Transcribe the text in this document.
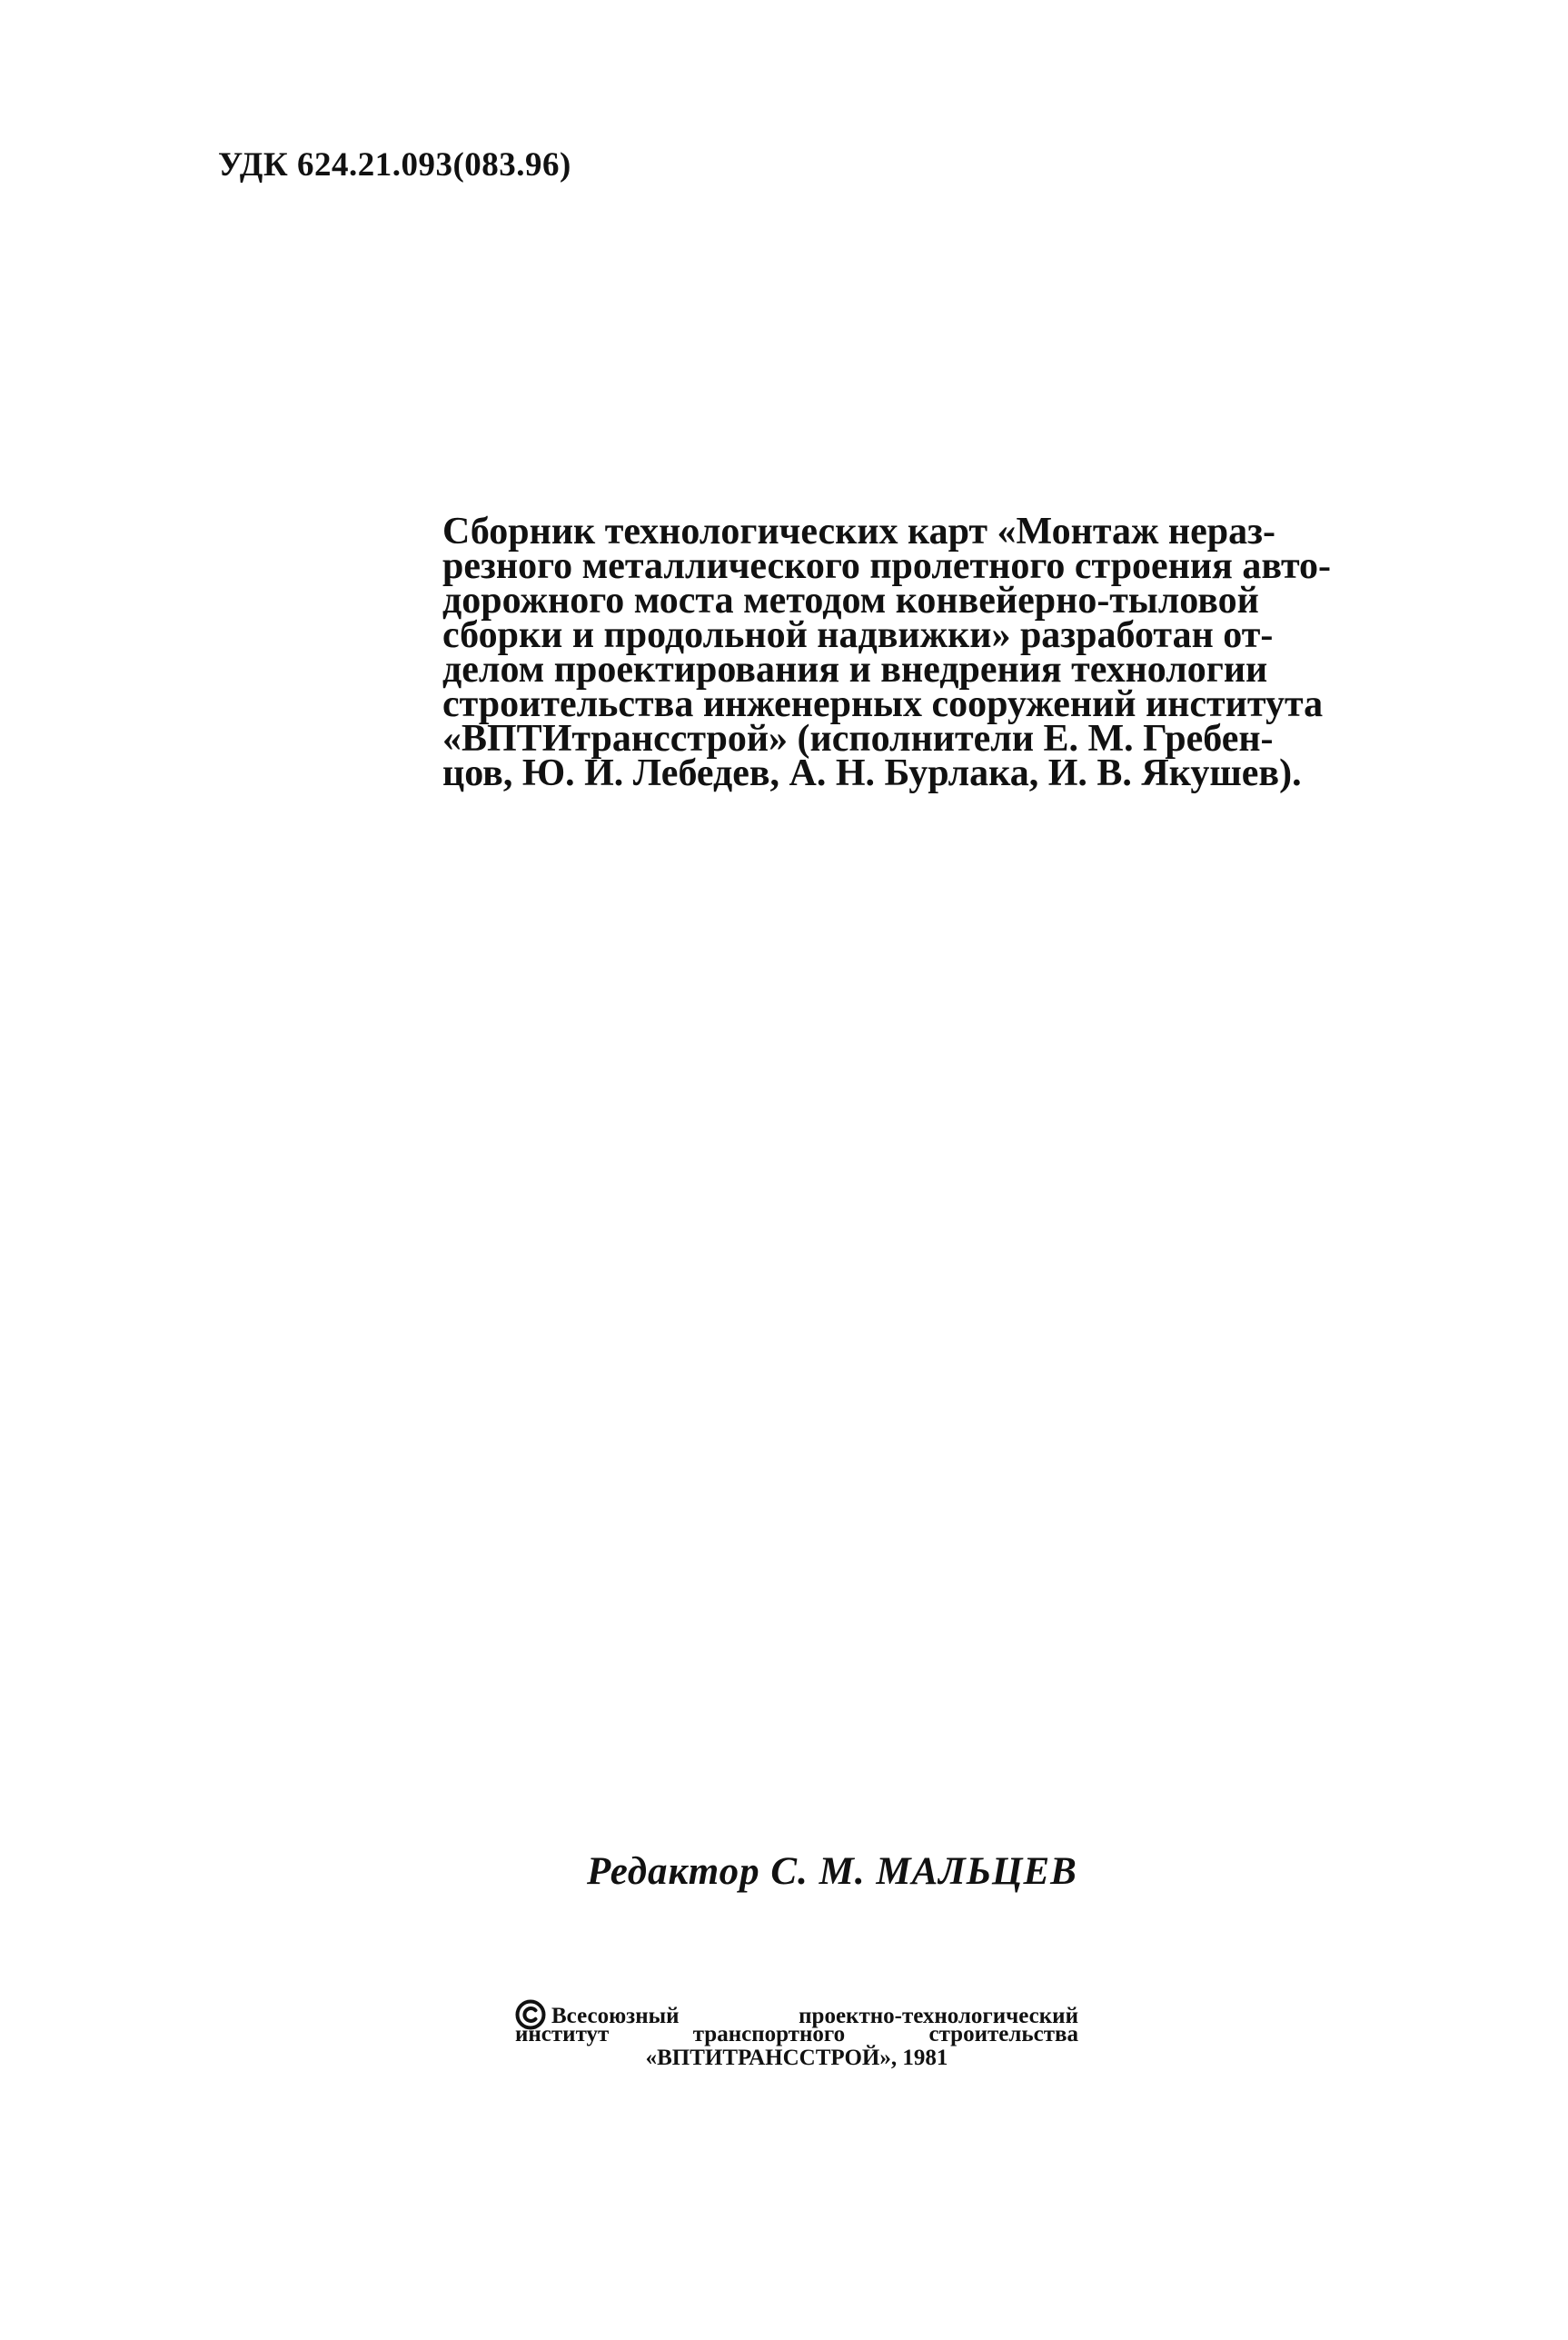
УДК 624.21.093(083.96)
Сборник технологических карт «Монтаж нераз-
резного металлического пролетного строения авто-
дорожного моста методом конвейерно-тыловой
сборки и продольной надвижки» разработан от-
делом проектирования и внедрения технологии
строительства инженерных сооружений института
«ВПТИтрансстрой» (исполнители Е. М. Гребен-
цов, Ю. И. Лебедев, А. Н. Бурлака, И. В. Якушев).
Редактор С. М. МАЛЬЦЕВ
Всесоюзный проектно-технологический
институт транспортного строительства
«ВПТИТРАНССТРОЙ», 1981
